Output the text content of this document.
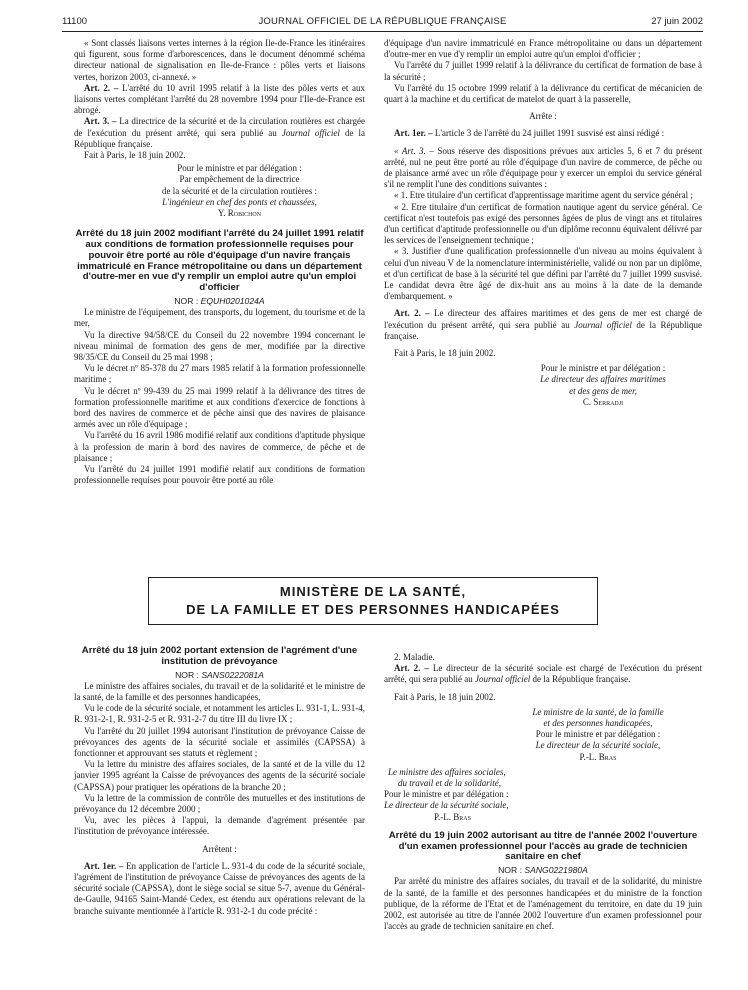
11100	JOURNAL OFFICIEL DE LA RÉPUBLIQUE FRANÇAISE	27 juin 2002

« Sont classés liaisons vertes internes à la région Ile-de-France les itinéraires qui figurent, sous forme d'arborescences, dans le document dénommé schéma directeur national de signalisation en Ile-de-France : pôles verts et liaisons vertes, horizon 2003, ci-annexé. »

Art. 2. – L'arrêté du 10 avril 1995 relatif à la liste des pôles verts et aux liaisons vertes complétant l'arrêté du 28 novembre 1994 pour l'Ile-de-France est abrogé.

Art. 3. – La directrice de la sécurité et de la circulation routières est chargée de l'exécution du présent arrêté, qui sera publié au Journal officiel de la République française.

Fait à Paris, le 18 juin 2002.

Pour le ministre et par délégation :
Par empêchement de la directrice
de la sécurité et de la circulation routières :
L'ingénieur en chef des ponts et chaussées,
Y. Robichon
Arrêté du 18 juin 2002 modifiant l'arrêté du 24 juillet 1991 relatif aux conditions de formation professionnelle requises pour pouvoir être porté au rôle d'équipage d'un navire français immatriculé en France métropolitaine ou dans un département d'outre-mer en vue d'y remplir un emploi autre qu'un emploi d'officier

NOR : EQUH0201024A

Le ministre de l'équipement, des transports, du logement, du tourisme et de la mer,

Vu la directive 94/58/CE du Conseil du 22 novembre 1994 concernant le niveau minimal de formation des gens de mer, modifiée par la directive 98/35/CE du Conseil du 25 mai 1998 ;

Vu le décret nº 85-378 du 27 mars 1985 relatif à la formation professionnelle maritime ;

Vu le décret nº 99-439 du 25 mai 1999 relatif à la délivrance des titres de formation professionnelle maritime et aux conditions d'exercice de fonctions à bord des navires de commerce et de pêche ainsi que des navires de plaisance armés avec un rôle d'équipage ;

Vu l'arrêté du 16 avril 1986 modifié relatif aux conditions d'aptitude physique à la profession de marin à bord des navires de commerce, de pêche et de plaisance ;

Vu l'arrêté du 24 juillet 1991 modifié relatif aux conditions de formation professionnelle requises pour pouvoir être porté au rôle

d'équipage d'un navire immatriculé en France métropolitaine ou dans un département d'outre-mer en vue d'y remplir un emploi autre qu'un emploi d'officier ;

Vu l'arrêté du 7 juillet 1999 relatif à la délivrance du certificat de formation de base à la sécurité ;

Vu l'arrêté du 15 octobre 1999 relatif à la délivrance du certificat de mécanicien de quart à la machine et du certificat de matelot de quart à la passerelle,

Arrête :

Art. 1er. – L'article 3 de l'arrêté du 24 juillet 1991 susvisé est ainsi rédigé :

« Art. 3. – Sous réserve des dispositions prévues aux articles 5, 6 et 7 du présent arrêté, nul ne peut être porté au rôle d'équipage d'un navire de commerce, de pêche ou de plaisance armé avec un rôle d'équipage pour y exercer un emploi du service général s'il ne remplit l'une des conditions suivantes :

« 1. Etre titulaire d'un certificat d'apprentissage maritime agent du service général ;

« 2. Etre titulaire d'un certificat de formation nautique agent du service général. Ce certificat n'est toutefois pas exigé des personnes âgées de plus de vingt ans et titulaires d'un certificat d'aptitude professionnelle ou d'un diplôme reconnu équivalent délivré par les services de l'enseignement technique ;

« 3. Justifier d'une qualification professionnelle d'un niveau au moins équivalent à celui d'un niveau V de la nomenclature interministérielle, validé ou non par un diplôme, et d'un certificat de base à la sécurité tel que défini par l'arrêté du 7 juillet 1999 susvisé. Le candidat devra être âgé de dix-huit ans au moins à la date de la demande d'embarquement. »

Art. 2. – Le directeur des affaires maritimes et des gens de mer est chargé de l'exécution du présent arrêté, qui sera publié au Journal officiel de la République française.

Fait à Paris, le 18 juin 2002.

Pour le ministre et par délégation :
Le directeur des affaires maritimes
et des gens de mer,
C. Serradji
MINISTÈRE DE LA SANTÉ,
DE LA FAMILLE ET DES PERSONNES HANDICAPÉES
Arrêté du 18 juin 2002 portant extension de l'agrément d'une institution de prévoyance

NOR : SANS0222081A

Le ministre des affaires sociales, du travail et de la solidarité et le ministre de la santé, de la famille et des personnes handicapées,

Vu le code de la sécurité sociale, et notamment les articles L. 931-1, L. 931-4, R. 931-2-1, R. 931-2-5 et R. 931-2-7 du titre III du livre IX ;

Vu l'arrêté du 20 juillet 1994 autorisant l'institution de prévoyance Caisse de prévoyances des agents de la sécurité sociale et assimilés (CAPSSA) à fonctionner et approuvant ses statuts et règlement ;

Vu la lettre du ministre des affaires sociales, de la santé et de la ville du 12 janvier 1995 agréant la Caisse de prévoyances des agents de la sécurité sociale (CAPSSA) pour pratiquer les opérations de la branche 20 ;

Vu la lettre de la commission de contrôle des mutuelles et des institutions de prévoyance du 12 décembre 2000 ;

Vu, avec les pièces à l'appui, la demande d'agrément présentée par l'institution de prévoyance intéressée.

Arrêtent :

Art. 1er. – En application de l'article L. 931-4 du code de la sécurité sociale, l'agrément de l'institution de prévoyance Caisse de prévoyances des agents de la sécurité sociale (CAPSSA), dont le siège social se situe 5-7, avenue du Général-de-Gaulle, 94165 Saint-Mandé Cedex, est étendu aux opérations relevant de la branche suivante mentionnée à l'article R. 931-2-1 du code précité :

2. Maladie.

Art. 2. – Le directeur de la sécurité sociale est chargé de l'exécution du présent arrêté, qui sera publié au Journal officiel de la République française.

Fait à Paris, le 18 juin 2002.

Le ministre de la santé, de la famille
et des personnes handicapées,
Pour le ministre et par délégation :
Le directeur de la sécurité sociale,
P.-L. Bras
Le ministre des affaires sociales,
du travail et de la solidarité,
Pour le ministre et par délégation :
Le directeur de la sécurité sociale,
P.-L. Bras
Arrêté du 19 juin 2002 autorisant au titre de l'année 2002 l'ouverture d'un examen professionnel pour l'accès au grade de technicien sanitaire en chef

NOR : SANG0221980A

Par arrêté du ministre des affaires sociales, du travail et de la solidarité, du ministre de la santé, de la famille et des personnes handicapées et du ministre de la fonction publique, de la réforme de l'Etat et de l'aménagement du territoire, en date du 19 juin 2002, est autorisée au titre de l'année 2002 l'ouverture d'un examen professionnel pour l'accès au grade de technicien sanitaire en chef.
